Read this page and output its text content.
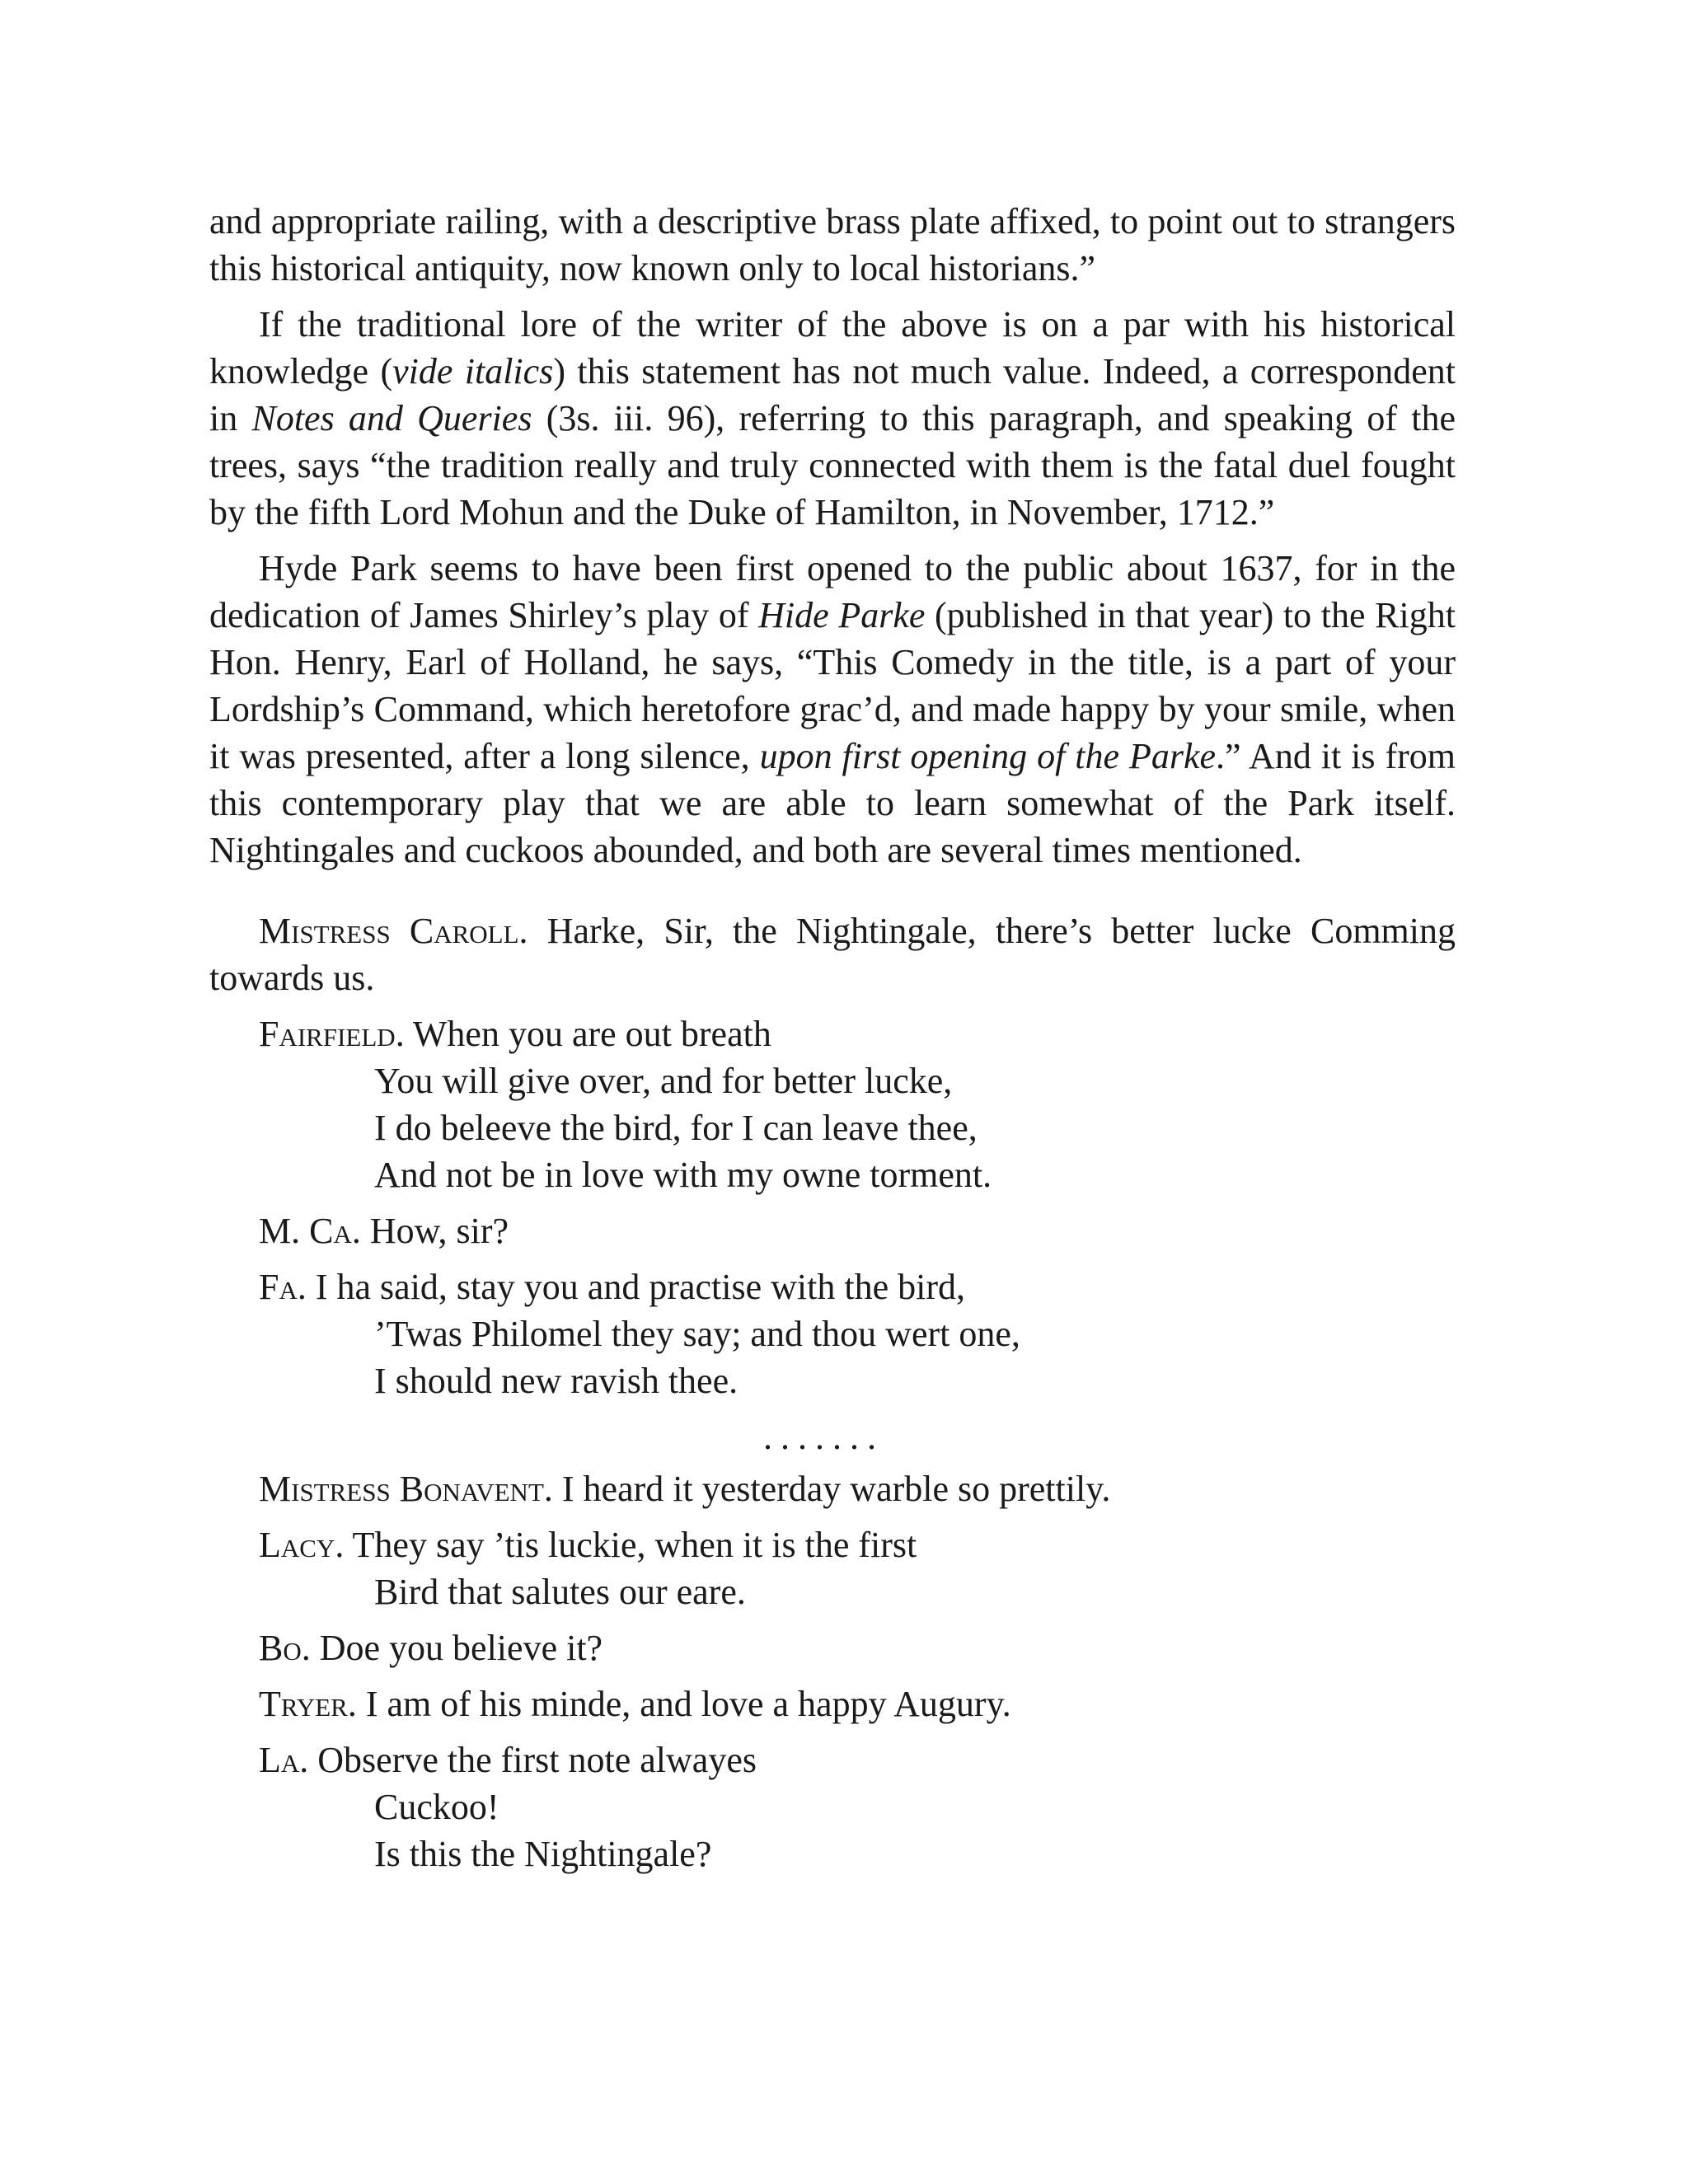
and appropriate railing, with a descriptive brass plate affixed, to point out to strangers this historical antiquity, now known only to local historians.”

If the traditional lore of the writer of the above is on a par with his historical knowledge (vide italics) this statement has not much value. Indeed, a correspondent in Notes and Queries (3s. iii. 96), referring to this paragraph, and speaking of the trees, says “the tradition really and truly connected with them is the fatal duel fought by the fifth Lord Mohun and the Duke of Hamilton, in November, 1712.”

Hyde Park seems to have been first opened to the public about 1637, for in the dedication of James Shirley’s play of Hide Parke (published in that year) to the Right Hon. Henry, Earl of Holland, he says, “This Comedy in the title, is a part of your Lordship’s Command, which heretofore grac’d, and made happy by your smile, when it was presented, after a long silence, upon first opening of the Parke.” And it is from this contemporary play that we are able to learn somewhat of the Park itself. Nightingales and cuckoos abounded, and both are several times mentioned.

Mistress Caroll. Harke, Sir, the Nightingale, there’s better lucke Comming towards us.

Fairfield. When you are out breath
You will give over, and for better lucke,
I do beleeve the bird, for I can leave thee,
And not be in love with my owne torment.
M. Ca. How, sir?
Fa. I ha said, stay you and practise with the bird,
’Twas Philomel they say; and thou wert one,
I should new ravish thee.
.......
Mistress Bonavent. I heard it yesterday warble so prettily.
Lacy. They say ’tis luckie, when it is the first
Bird that salutes our eare.
Bo. Doe you believe it?
Tryer. I am of his minde, and love a happy Augury.
La. Observe the first note alwayes
Cuckoo!
Is this the Nightingale?
